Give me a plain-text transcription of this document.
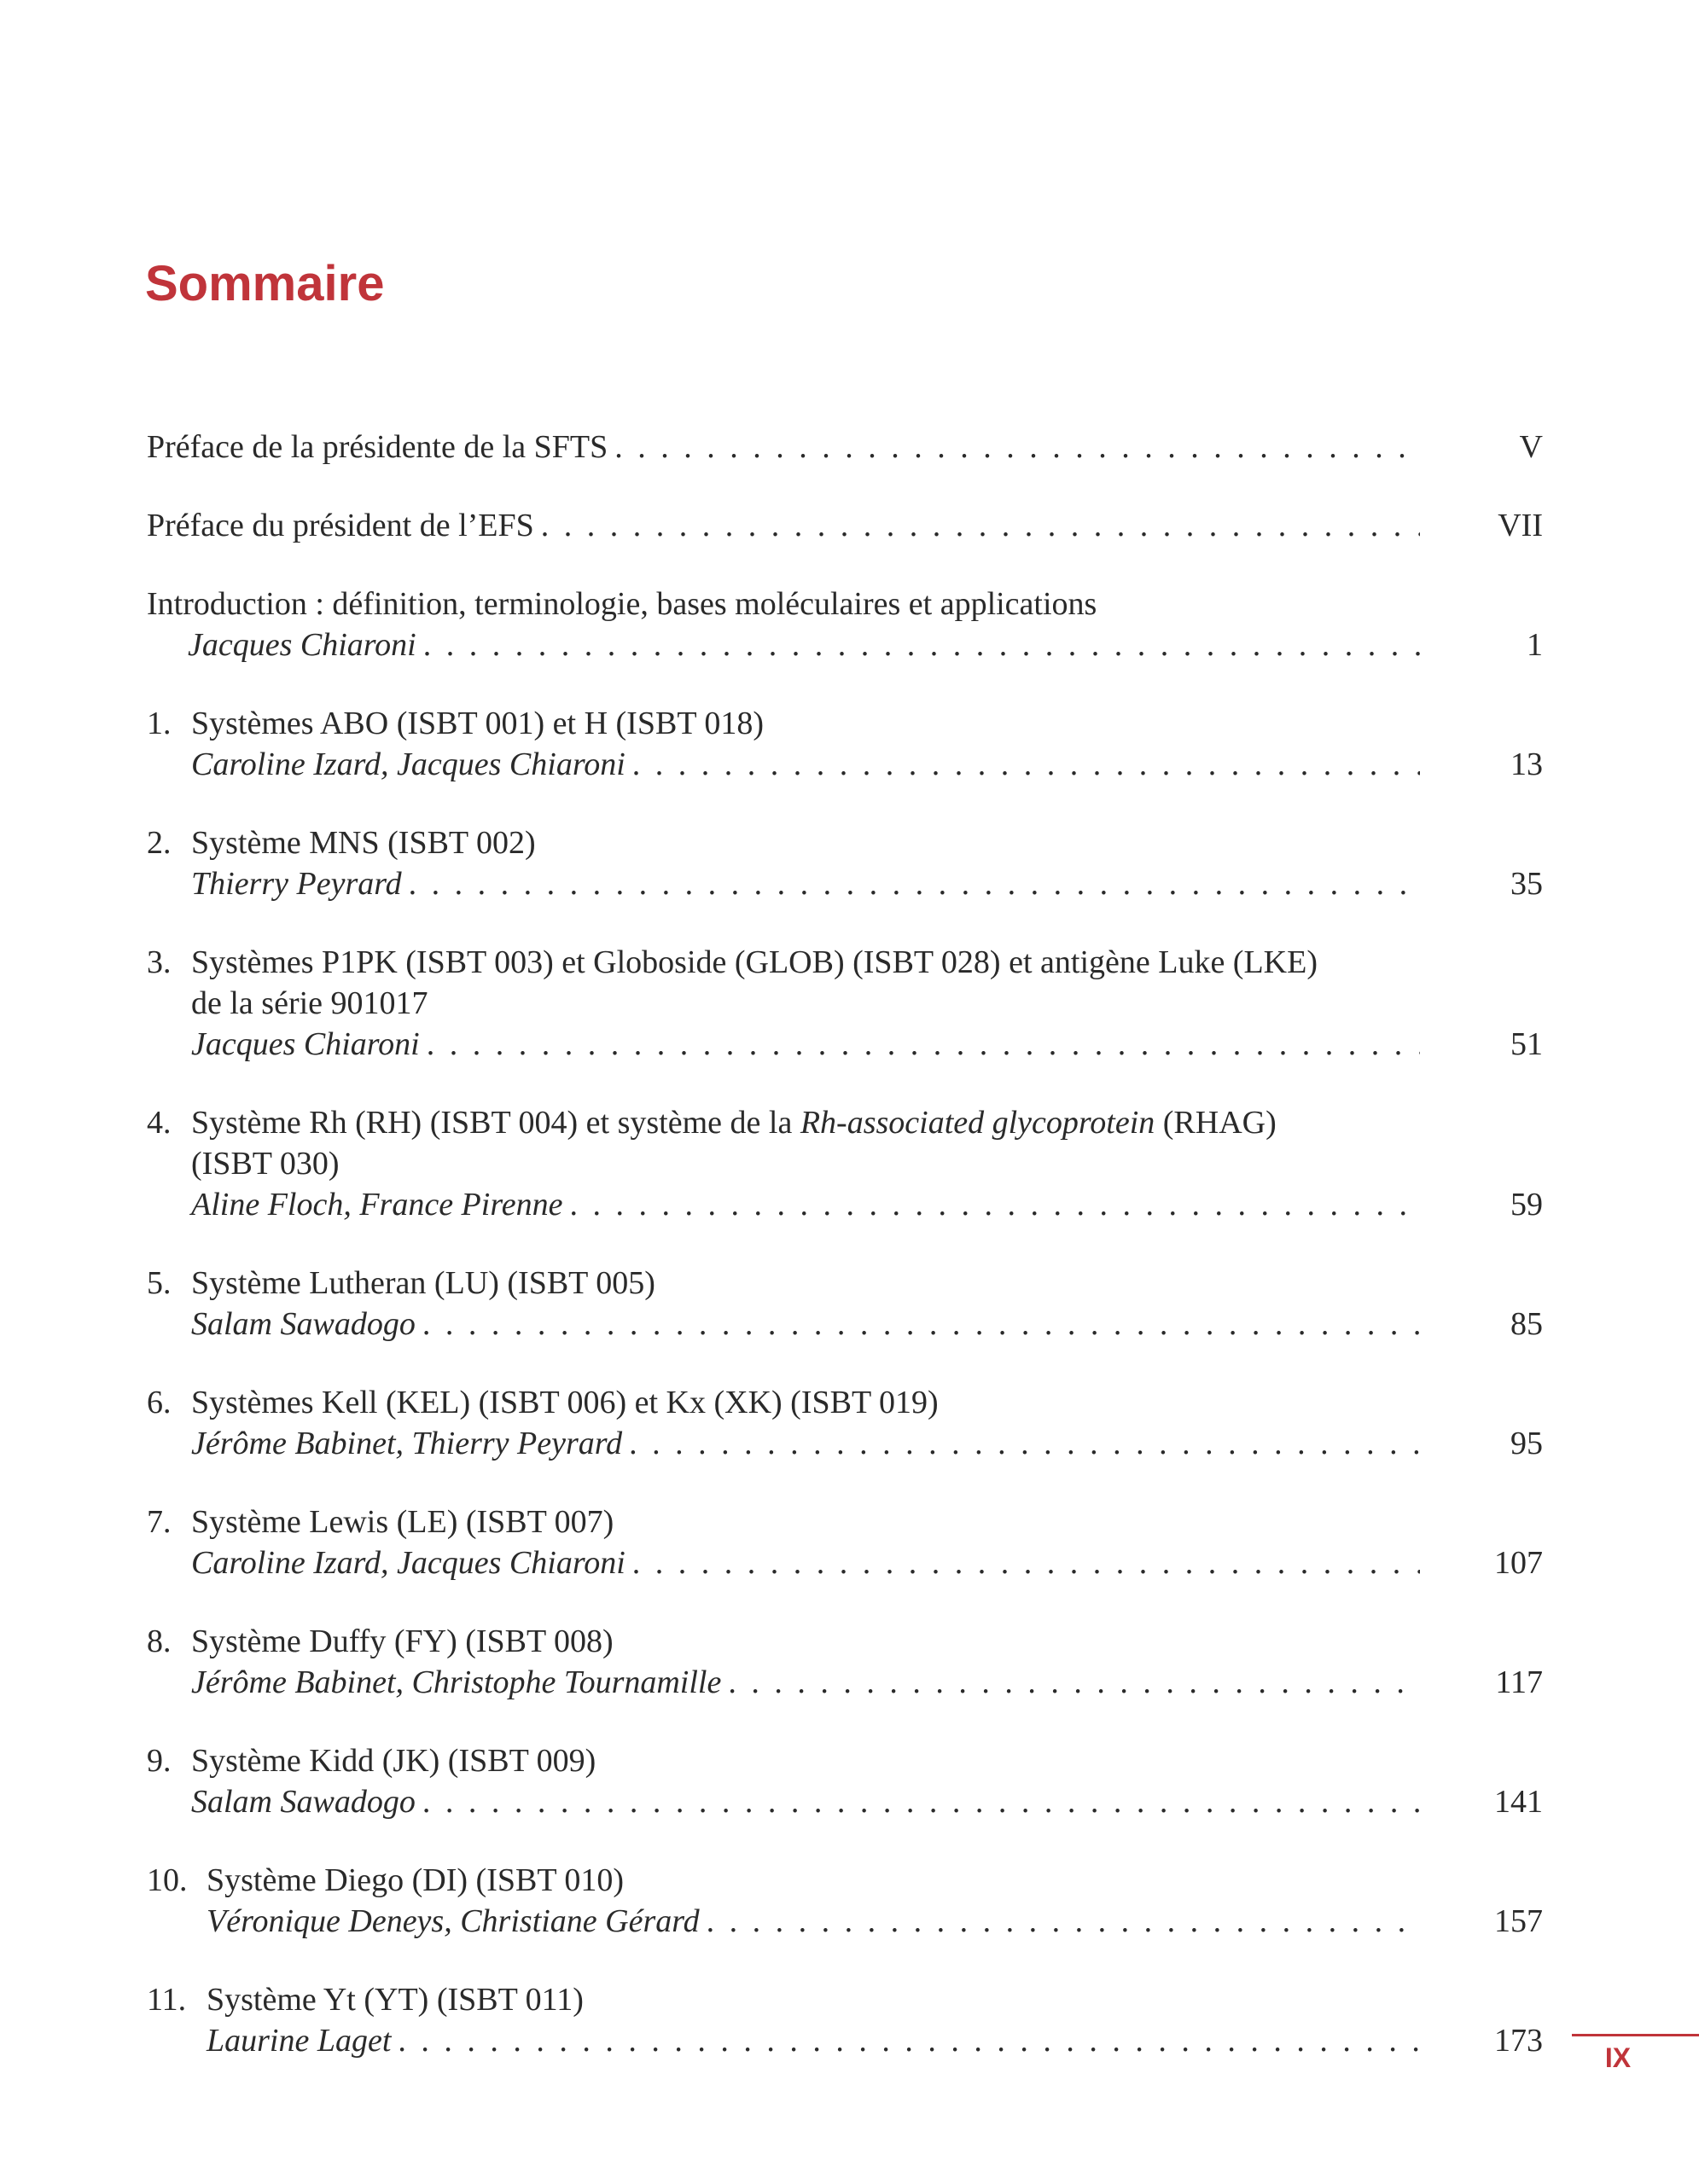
Sommaire
Préface de la présidente de la SFTS . . .	V
Préface du président de l’EFS . . .	VII
Introduction : définition, terminologie, bases moléculaires et applications
Jacques Chiaroni . . .	1
1. Systèmes ABO (ISBT 001) et H (ISBT 018)
Caroline Izard, Jacques Chiaroni . . .	13
2. Système MNS (ISBT 002)
Thierry Peyrard . . .	35
3. Systèmes P1PK (ISBT 003) et Globoside (GLOB) (ISBT 028) et antigène Luke (LKE)
de la série 901017
Jacques Chiaroni . . .	51
4. Système Rh (RH) (ISBT 004) et système de la Rh-associated glycoprotein (RHAG)
(ISBT 030)
Aline Floch, France Pirenne . . .	59
5. Système Lutheran (LU) (ISBT 005)
Salam Sawadogo . . .	85
6. Systèmes Kell (KEL) (ISBT 006) et Kx (XK) (ISBT 019)
Jérôme Babinet, Thierry Peyrard . . .	95
7. Système Lewis (LE) (ISBT 007)
Caroline Izard, Jacques Chiaroni . . .	107
8. Système Duffy (FY) (ISBT 008)
Jérôme Babinet, Christophe Tournamille . . .	117
9. Système Kidd (JK) (ISBT 009)
Salam Sawadogo . . .	141
10. Système Diego (DI) (ISBT 010)
Véronique Deneys, Christiane Gérard . . .	157
11. Système Yt (YT) (ISBT 011)
Laurine Laget . . .	173	IX
